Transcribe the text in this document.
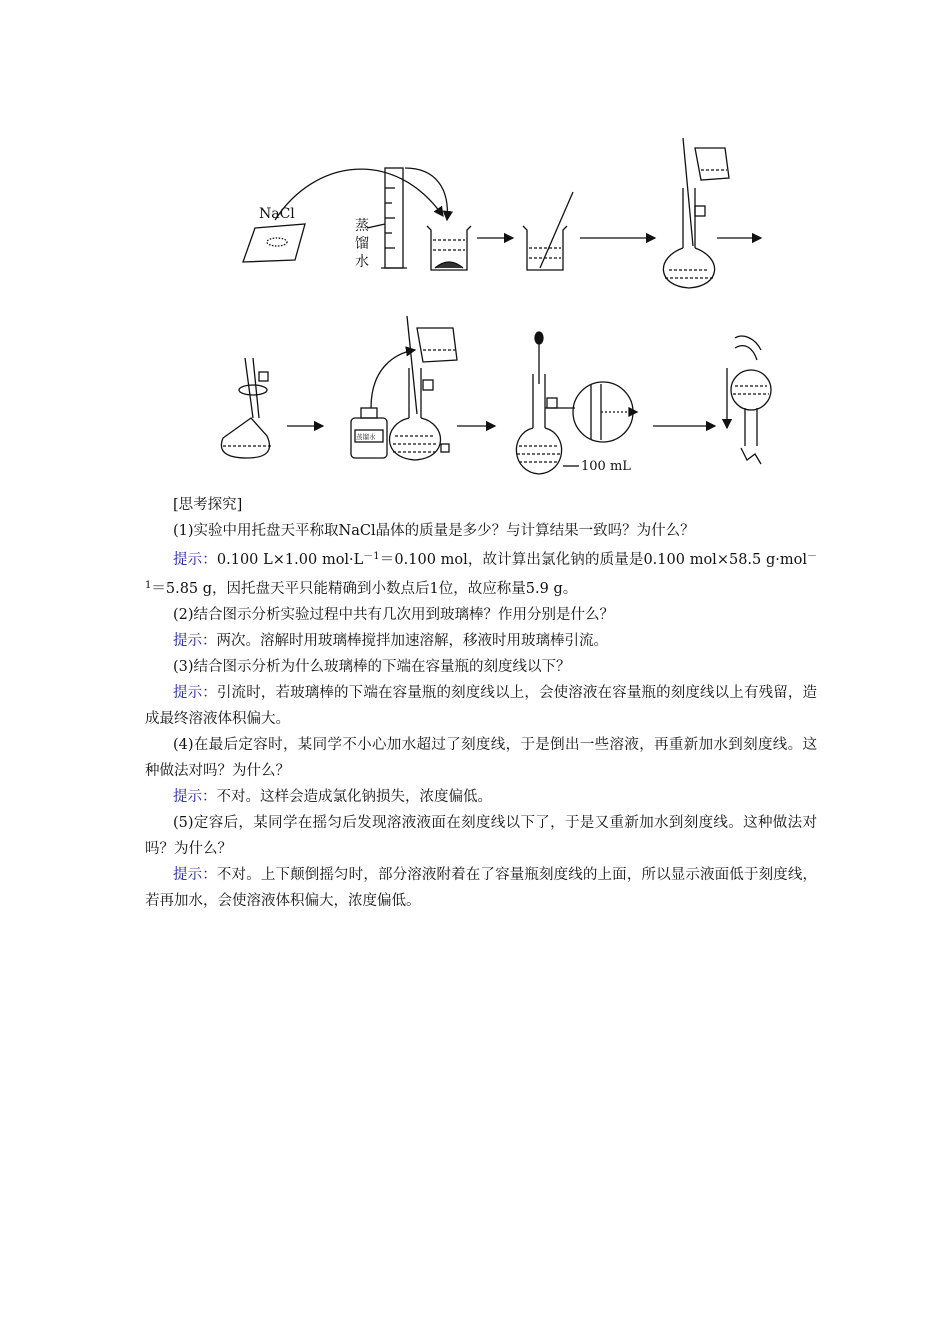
NaCl
蒸
馏
水
蒸馏水
100 mL

[思考探究]

(1)实验中用托盘天平称取NaCl晶体的质量是多少？与计算结果一致吗？为什么？

提示：0.100 L×1.00 $mol\cdot L^{-1}=0.100$ mol，故计算出氯化钠的质量是0.100 mol×58.5 g·mol$^{-1}$＝5.85 g，因托盘天平只能精确到小数点后1位，故应称量5.9 g。

(2)结合图示分析实验过程中共有几次用到玻璃棒？作用分别是什么？

提示：两次。溶解时用玻璃棒搅拌加速溶解，移液时用玻璃棒引流。

(3)结合图示分析为什么玻璃棒的下端在容量瓶的刻度线以下？

提示：引流时，若玻璃棒的下端在容量瓶的刻度线以上，会使溶液在容量瓶的刻度线以上有残留，造成最终溶液体积偏大。

(4)在最后定容时，某同学不小心加水超过了刻度线，于是倒出一些溶液，再重新加水到刻度线。这种做法对吗？为什么？

提示：不对。这样会造成氯化钠损失，浓度偏低。

(5)定容后，某同学在摇匀后发现溶液液面在刻度线以下了，于是又重新加水到刻度线。这种做法对吗？为什么？

提示：不对。上下颠倒摇匀时，部分溶液附着在了容量瓶刻度线的上面，所以显示液面低于刻度线，若再加水，会使溶液体积偏大，浓度偏低。
